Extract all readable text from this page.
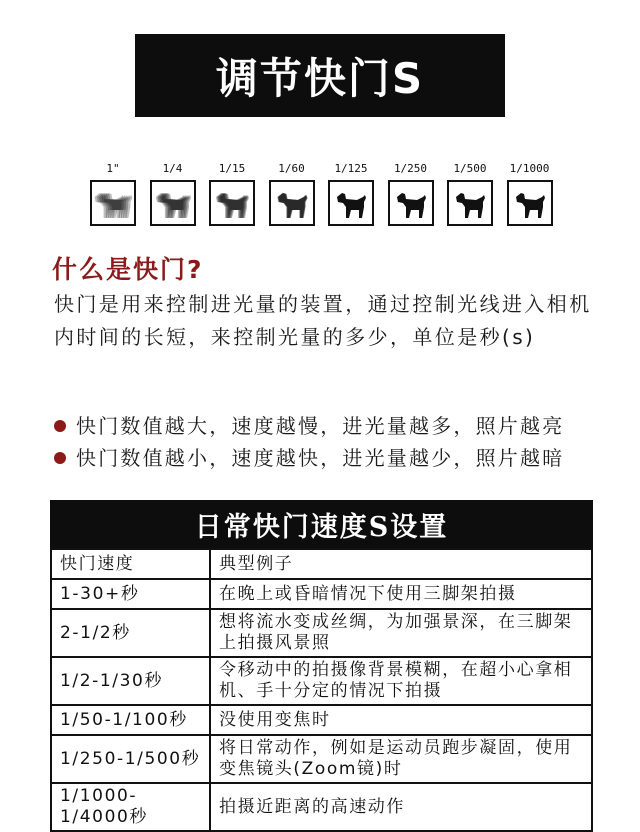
调节快门S
1"	1/4	1/15	1/60	1/125	1/250	1/500	1/1000
什么是快门?
快门是用来控制进光量的装置，通过控制光线进入相机内时间的长短，来控制光量的多少，单位是秒(s)
快门数值越大，速度越慢，进光量越多，照片越亮
快门数值越小，速度越快，进光量越少，照片越暗
日常快门速度S设置
快门速度	典型例子
1-30+秒	在晚上或昏暗情况下使用三脚架拍摄
2-1/2秒	想将流水变成丝绸，为加强景深，在三脚架上拍摄风景照
1/2-1/30秒	令移动中的拍摄像背景模糊，在超小心拿相机、手十分定的情况下拍摄
1/50-1/100秒	没使用变焦时
1/250-1/500秒	将日常动作，例如是运动员跑步凝固，使用变焦镜头(Zoom镜)时
1/1000-1/4000秒	拍摄近距离的高速动作
